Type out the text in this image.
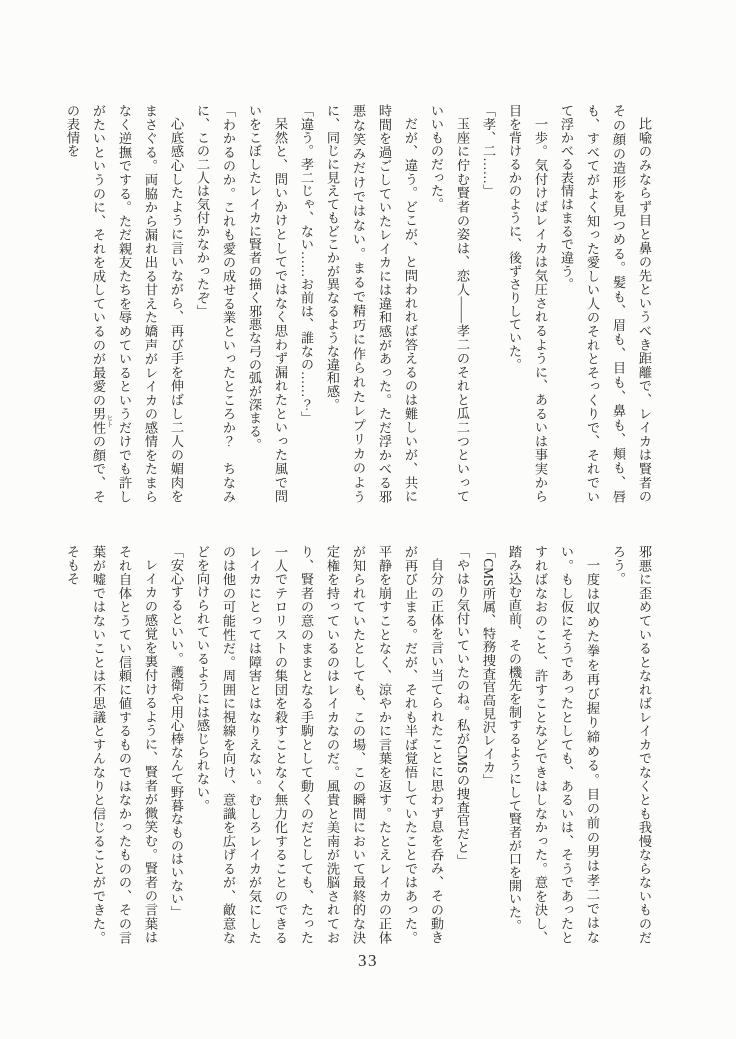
比喩のみならず目と鼻の先というべき距離で、レイカは賢者のその顔の造形を見つめる。髪も、眉も、目も、鼻も、頬も、唇も、すべてがよく知った愛しい人のそれとそっくりで、それでいて浮かべる表情はまるで違う。

一歩。気付けばレイカは気圧されるように、あるいは事実から目を背けるかのように、後ずさりしていた。

「孝、二……」

玉座に佇む賢者の姿は、恋人――孝二のそれと瓜二つといっていいものだった。

だが、違う。どこが、と問われれば答えるのは難しいが、共に時間を過ごしていたレイカには違和感があった。ただ浮かべる邪悪な笑みだけではない。まるで精巧に作られたレプリカのように、同じに見えてもどこかが異なるような違和感。

「違う。孝二じゃ、ない……お前は、誰なの……？」

呆然と、問いかけとしてではなく思わず漏れたといった風で問いをこぼしたレイカに賢者の描く邪悪な弓の弧が深まる。

「わかるのか。これも愛の成せる業といったところか？　ちなみに、この二人は気付かなかったぞ」

心底感心したように言いながら、再び手を伸ばし二人の媚肉をまさぐる。両脇から漏れ出る甘えた嬌声がレイカの感情をたまらなく逆撫でする。ただ親友たちを辱めているというだけでも許しがたいというのに、それを成しているのが最愛の男性 ヒトの顔で、その表情を

邪悪に歪めているとなればレイカでなくとも我慢ならないものだろう。

一度は収めた拳を再び握り締める。目の前の男は孝二ではない。もし仮にそうであったとしても、あるいは、そうであったとすればなおのこと、許すことなどできはしなかった。意を決し、踏み込む直前、その機先を制するようにして賢者が口を開いた。

「CMS所属、特務捜査官高見沢レイカ」

「やはり気付いていたのね。私がCMSの捜査官だと」

自分の正体を言い当てられたことに思わず息を呑み、その動きが再び止まる。だが、それも半ば覚悟していたことではあった。平静を崩すことなく、涼やかに言葉を返す。たとえレイカの正体が知られていたとしても、この場、この瞬間において最終的な決定権を持っているのはレイカなのだ。風貴と美南が洗脳されており、賢者の意のままとなる手駒として動くのだとしても、たった一人でテロリストの集団を殺すことなく無力化することのできるレイカにとっては障害とはなりえない。むしろレイカが気にしたのは他の可能性だ。周囲に視線を向け、意識を広げるが、敵意などを向けられているようには感じられない。

「安心するといい。護衛や用心棒なんて野暮なものはいない」

レイカの感覚を裏付けるように、賢者が微笑む。賢者の言葉はそれ自体とうてい信頼に値するものではなかったものの、その言葉が嘘ではないことは不思議とすんなりと信じることができた。そもそ

33
